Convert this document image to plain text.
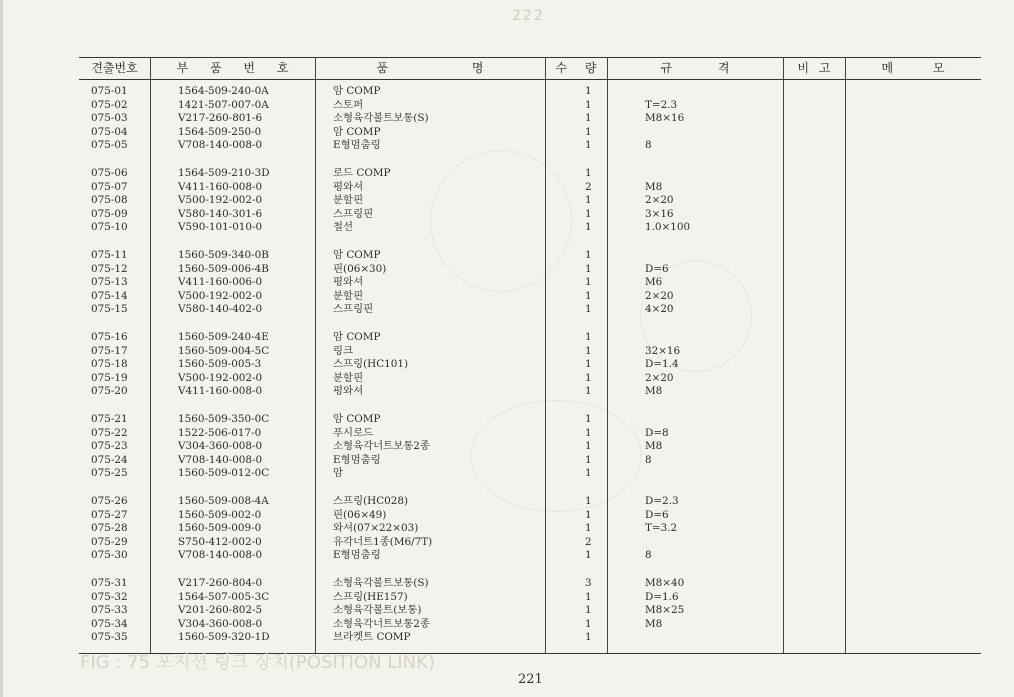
222
견출번호	부 품 번 호	품 명	수 량	규 격	비 고	메 모
075-01	1564-509-240-0A	암 COMP	1
075-02	1421-507-007-0A	스토퍼	1	T=2.3
075-03	V217-260-801-6	소형육각볼트보통(S)	1	M8×16
075-04	1564-509-250-0	암 COMP	1
075-05	V708-140-008-0	E형멈춤링	1	8
075-06	1564-509-210-3D	로드 COMP	1
075-07	V411-160-008-0	평와셔	2	M8
075-08	V500-192-002-0	분할핀	1	2×20
075-09	V580-140-301-6	스프링핀	1	3×16
075-10	V590-101-010-0	철선	1	1.0×100
075-11	1560-509-340-0B	암 COMP	1
075-12	1560-509-006-4B	핀(06×30)	1	D=6
075-13	V411-160-006-0	평와셔	1	M6
075-14	V500-192-002-0	분할핀	1	2×20
075-15	V580-140-402-0	스프링핀	1	4×20
075-16	1560-509-240-4E	암 COMP	1
075-17	1560-509-004-5C	링크	1	32×16
075-18	1560-509-005-3	스프링(HC101)	1	D=1.4
075-19	V500-192-002-0	분할핀	1	2×20
075-20	V411-160-008-0	평와셔	1	M8
075-21	1560-509-350-0C	암 COMP	1
075-22	1522-506-017-0	푸시로드	1	D=8
075-23	V304-360-008-0	소형육각너트보통2종	1	M8
075-24	V708-140-008-0	E형멈춤링	1	8
075-25	1560-509-012-0C	암	1
075-26	1560-509-008-4A	스프링(HC028)	1	D=2.3
075-27	1560-509-002-0	핀(06×49)	1	D=6
075-28	1560-509-009-0	와셔(07×22×03)	1	T=3.2
075-29	S750-412-002-0	유각너트1종(M6/7T)	2
075-30	V708-140-008-0	E형멈춤링	1	8
075-31	V217-260-804-0	소형육각볼트보통(S)	3	M8×40
075-32	1564-507-005-3C	스프링(HE157)	1	D=1.6
075-33	V201-260-802-5	소형육각볼트(보통)	1	M8×25
075-34	V304-360-008-0	소형육각너트보통2종	1	M8
075-35	1560-509-320-1D	브라켓트 COMP	1
FIG : 75 포지션 링크 장치(POSITION LINK)
221
